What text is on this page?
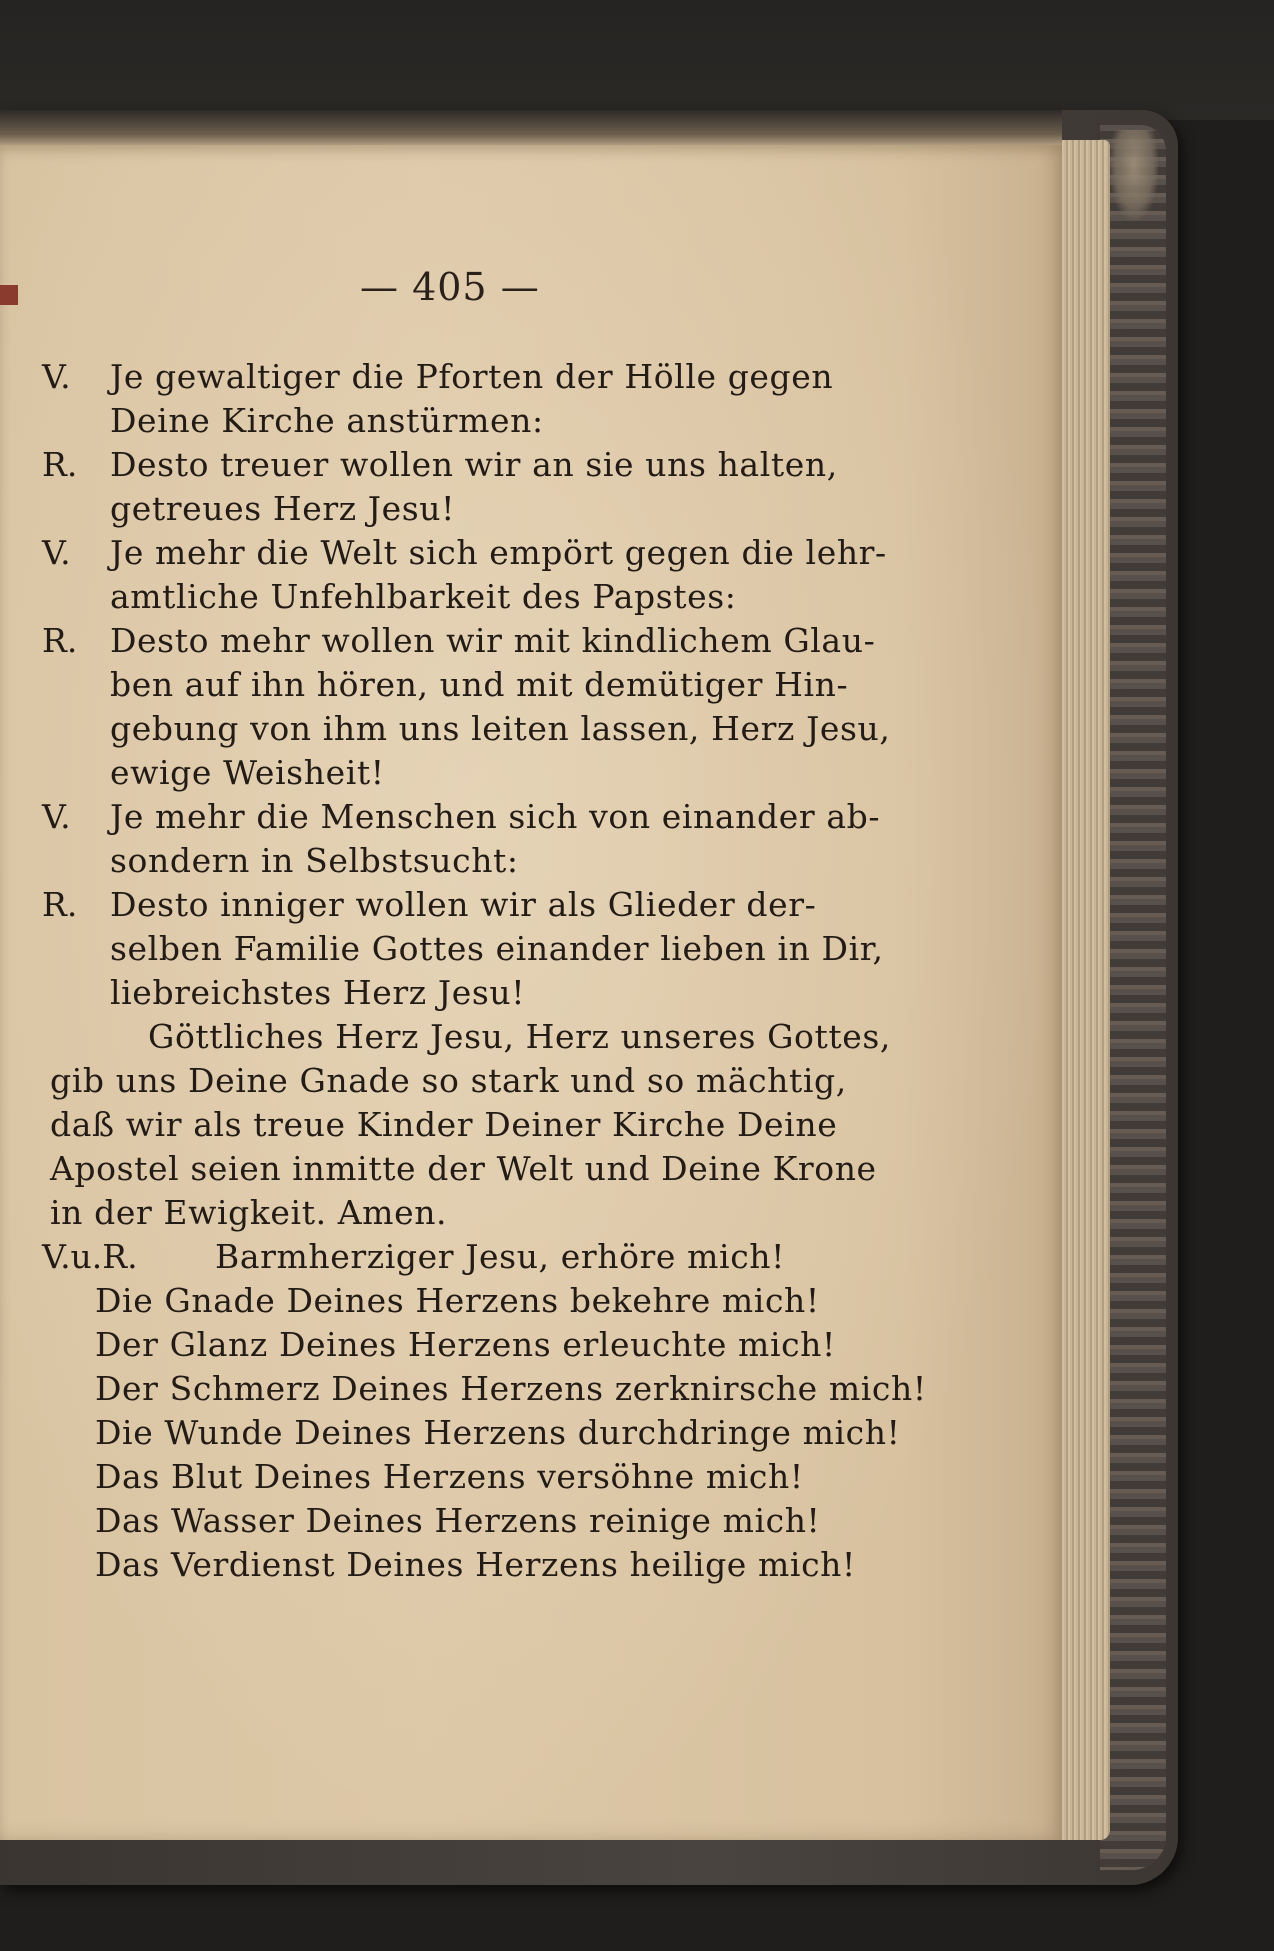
— 405 —
V. Je gewaltiger die Pforten der Hölle gegen
Deine Kirche anstürmen:
R. Desto treuer wollen wir an sie uns halten,
getreues Herz Jesu!
V. Je mehr die Welt sich empört gegen die lehr-
amtliche Unfehlbarkeit des Papstes:
R. Desto mehr wollen wir mit kindlichem Glau-
ben auf ihn hören, und mit demütiger Hin-
gebung von ihm uns leiten lassen, Herz Jesu,
ewige Weisheit!
V. Je mehr die Menschen sich von einander ab-
sondern in Selbstsucht:
R. Desto inniger wollen wir als Glieder der-
selben Familie Gottes einander lieben in Dir,
liebreichstes Herz Jesu!
Göttliches Herz Jesu, Herz unseres Gottes,
gib uns Deine Gnade so stark und so mächtig,
daß wir als treue Kinder Deiner Kirche Deine
Apostel seien inmitte der Welt und Deine Krone
in der Ewigkeit. Amen.
V.u.R. Barmherziger Jesu, erhöre mich!
Die Gnade Deines Herzens bekehre mich!
Der Glanz Deines Herzens erleuchte mich!
Der Schmerz Deines Herzens zerknirsche mich!
Die Wunde Deines Herzens durchdringe mich!
Das Blut Deines Herzens versöhne mich!
Das Wasser Deines Herzens reinige mich!
Das Verdienst Deines Herzens heilige mich!
